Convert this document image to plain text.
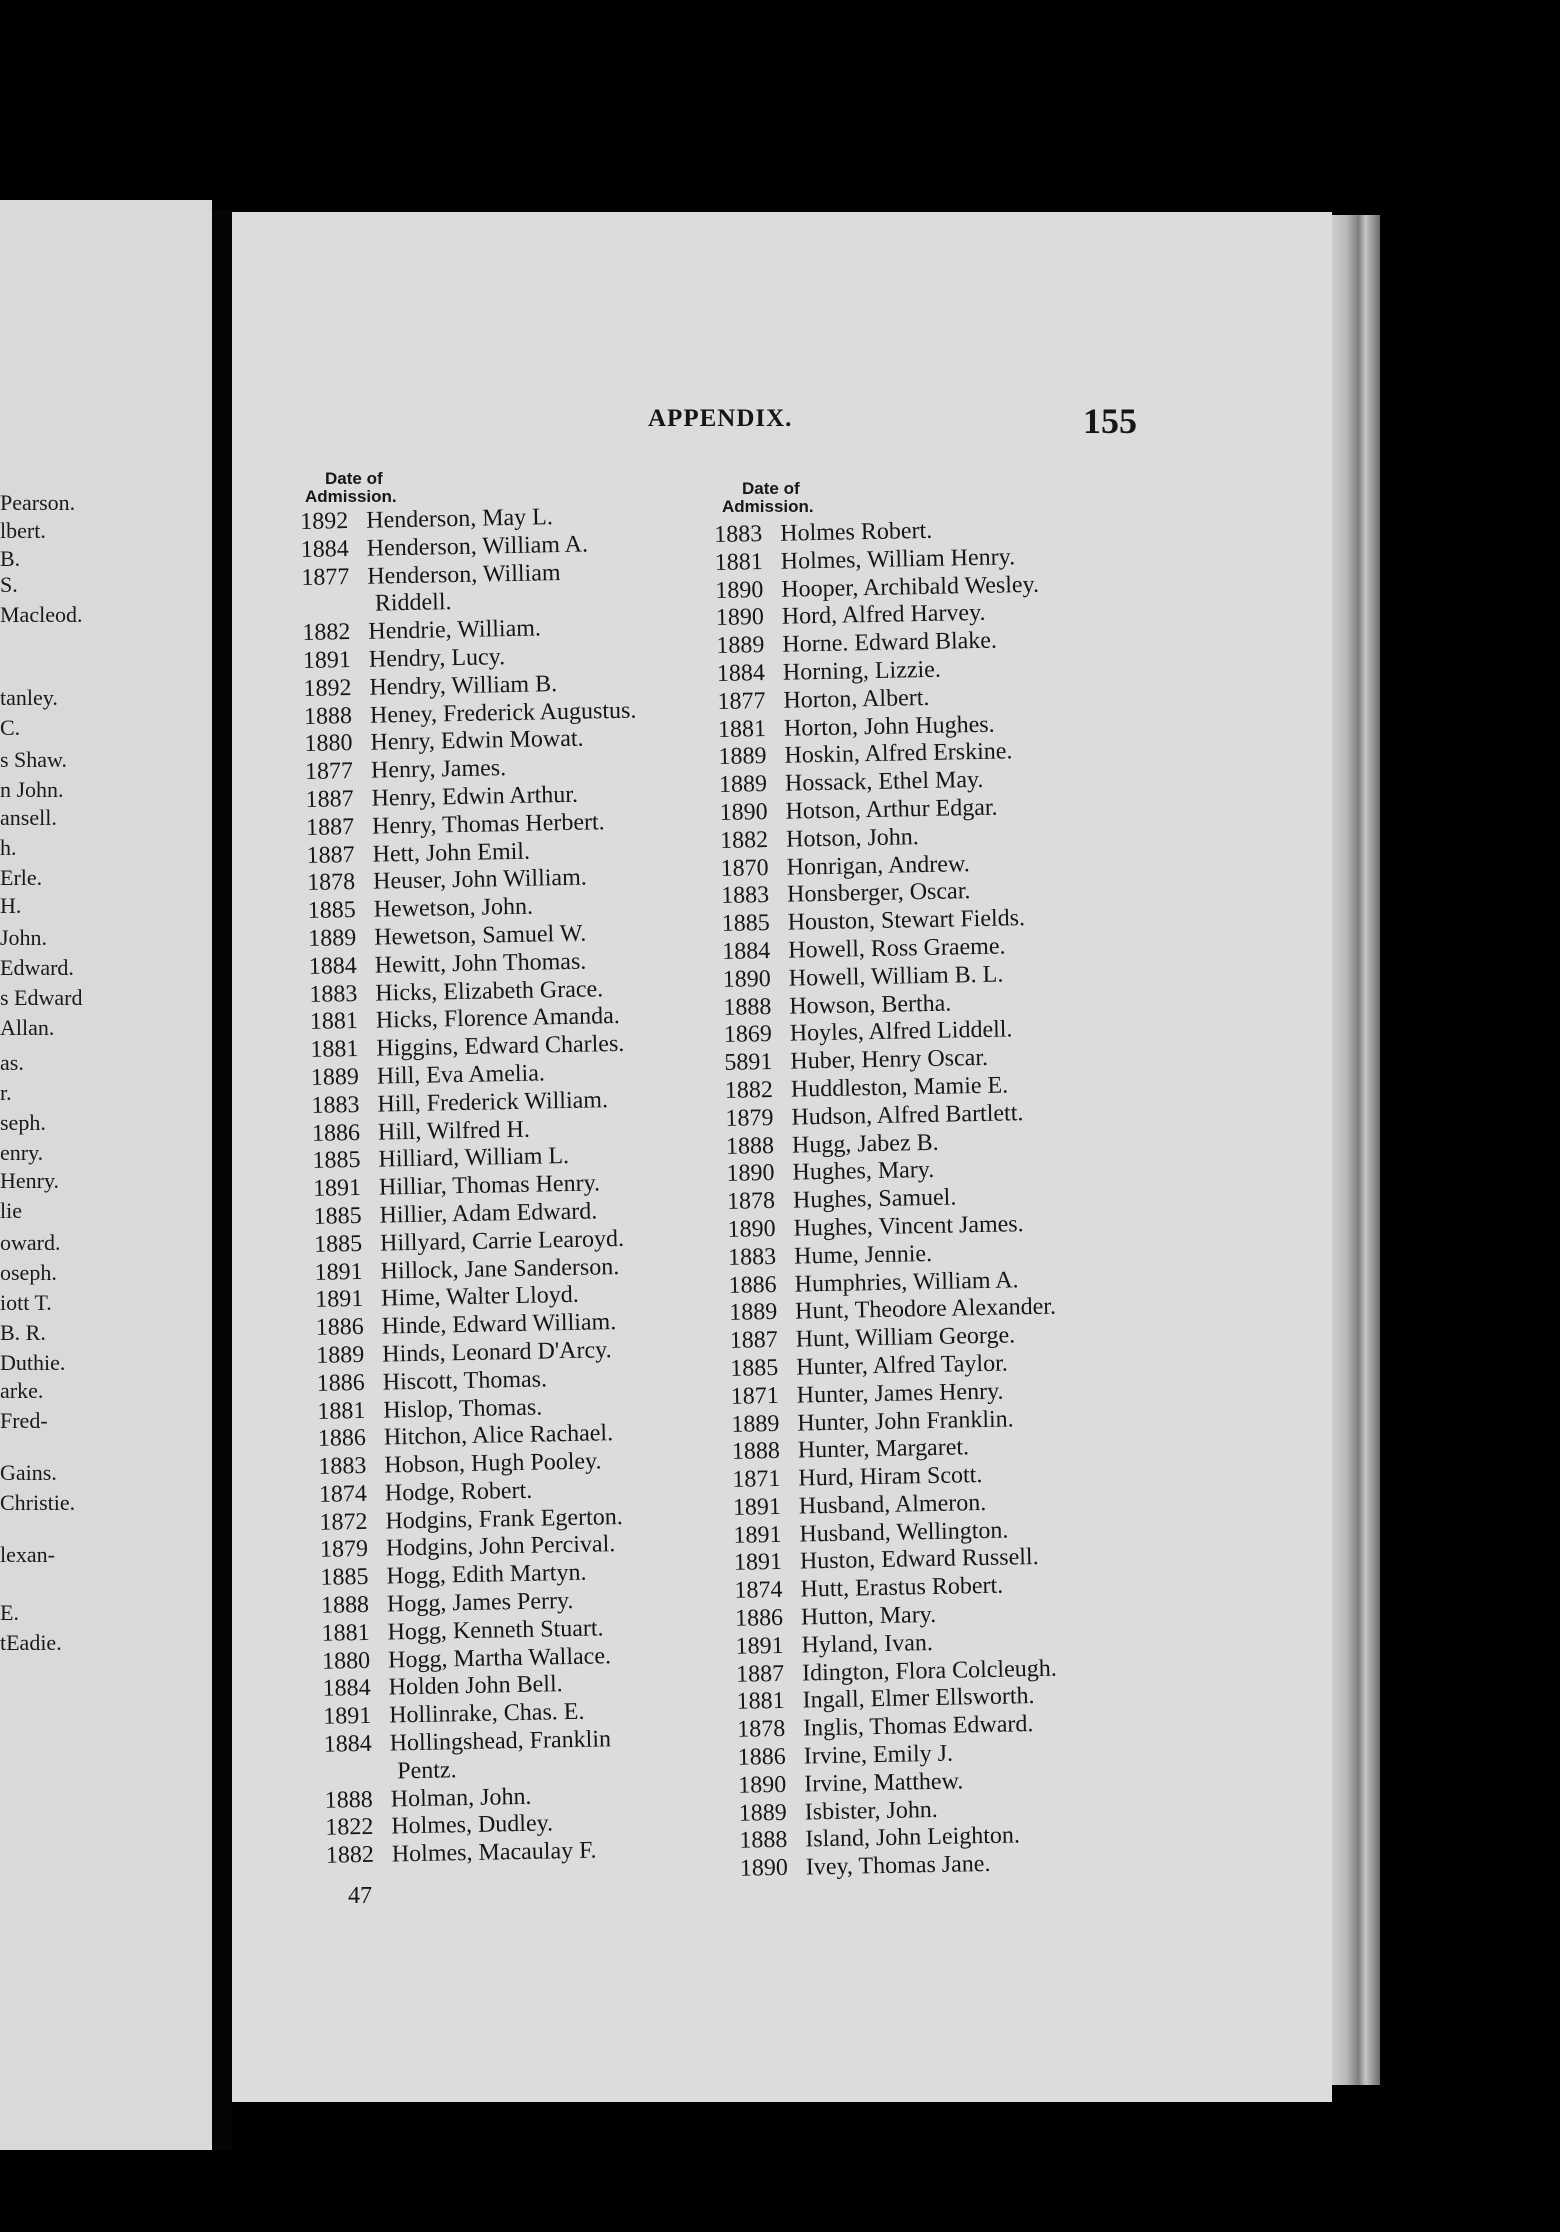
Pearson.
lbert.
B.
S.
Macleod.
tanley.
C.
s Shaw.
n John.
ansell.
h.
Erle.
H.
John.
Edward.
s Edward
Allan.
as.
r.
seph.
enry.
Henry.
lie
oward.
oseph.
iott T.
B. R.
Duthie.
arke.
Fred-
Gains.
Christie.
lexan-
E.
tEadie.
APPENDIX.	155
Date of
Admission.	Date of
Admission.
1892 Henderson, May L.
1884 Henderson, William A.
1877 Henderson, William
Riddell.
1882 Hendrie, William.
1891 Hendry, Lucy.
1892 Hendry, William B.
1888 Heney, Frederick Augustus.
1880 Henry, Edwin Mowat.
1877 Henry, James.
1887 Henry, Edwin Arthur.
1887 Henry, Thomas Herbert.
1887 Hett, John Emil.
1878 Heuser, John William.
1885 Hewetson, John.
1889 Hewetson, Samuel W.
1884 Hewitt, John Thomas.
1883 Hicks, Elizabeth Grace.
1881 Hicks, Florence Amanda.
1881 Higgins, Edward Charles.
1889 Hill, Eva Amelia.
1883 Hill, Frederick William.
1886 Hill, Wilfred H.
1885 Hilliard, William L.
1891 Hilliar, Thomas Henry.
1885 Hillier, Adam Edward.
1885 Hillyard, Carrie Learoyd.
1891 Hillock, Jane Sanderson.
1891 Hime, Walter Lloyd.
1886 Hinde, Edward William.
1889 Hinds, Leonard D'Arcy.
1886 Hiscott, Thomas.
1881 Hislop, Thomas.
1886 Hitchon, Alice Rachael.
1883 Hobson, Hugh Pooley.
1874 Hodge, Robert.
1872 Hodgins, Frank Egerton.
1879 Hodgins, John Percival.
1885 Hogg, Edith Martyn.
1888 Hogg, James Perry.
1881 Hogg, Kenneth Stuart.
1880 Hogg, Martha Wallace.
1884 Holden John Bell.
1891 Hollinrake, Chas. E.
1884 Hollingshead, Franklin
Pentz.
1888 Holman, John.
1822 Holmes, Dudley.
1882 Holmes, Macaulay F.
1883 Holmes Robert.
1881 Holmes, William Henry.
1890 Hooper, Archibald Wesley.
1890 Hord, Alfred Harvey.
1889 Horne. Edward Blake.
1884 Horning, Lizzie.
1877 Horton, Albert.
1881 Horton, John Hughes.
1889 Hoskin, Alfred Erskine.
1889 Hossack, Ethel May.
1890 Hotson, Arthur Edgar.
1882 Hotson, John.
1870 Honrigan, Andrew.
1883 Honsberger, Oscar.
1885 Houston, Stewart Fields.
1884 Howell, Ross Graeme.
1890 Howell, William B. L.
1888 Howson, Bertha.
1869 Hoyles, Alfred Liddell.
5891 Huber, Henry Oscar.
1882 Huddleston, Mamie E.
1879 Hudson, Alfred Bartlett.
1888 Hugg, Jabez B.
1890 Hughes, Mary.
1878 Hughes, Samuel.
1890 Hughes, Vincent James.
1883 Hume, Jennie.
1886 Humphries, William A.
1889 Hunt, Theodore Alexander.
1887 Hunt, William George.
1885 Hunter, Alfred Taylor.
1871 Hunter, James Henry.
1889 Hunter, John Franklin.
1888 Hunter, Margaret.
1871 Hurd, Hiram Scott.
1891 Husband, Almeron.
1891 Husband, Wellington.
1891 Huston, Edward Russell.
1874 Hutt, Erastus Robert.
1886 Hutton, Mary.
1891 Hyland, Ivan.
1887 Idington, Flora Colcleugh.
1881 Ingall, Elmer Ellsworth.
1878 Inglis, Thomas Edward.
1886 Irvine, Emily J.
1890 Irvine, Matthew.
1889 Isbister, John.
1888 Island, John Leighton.
1890 Ivey, Thomas Jane.
47
